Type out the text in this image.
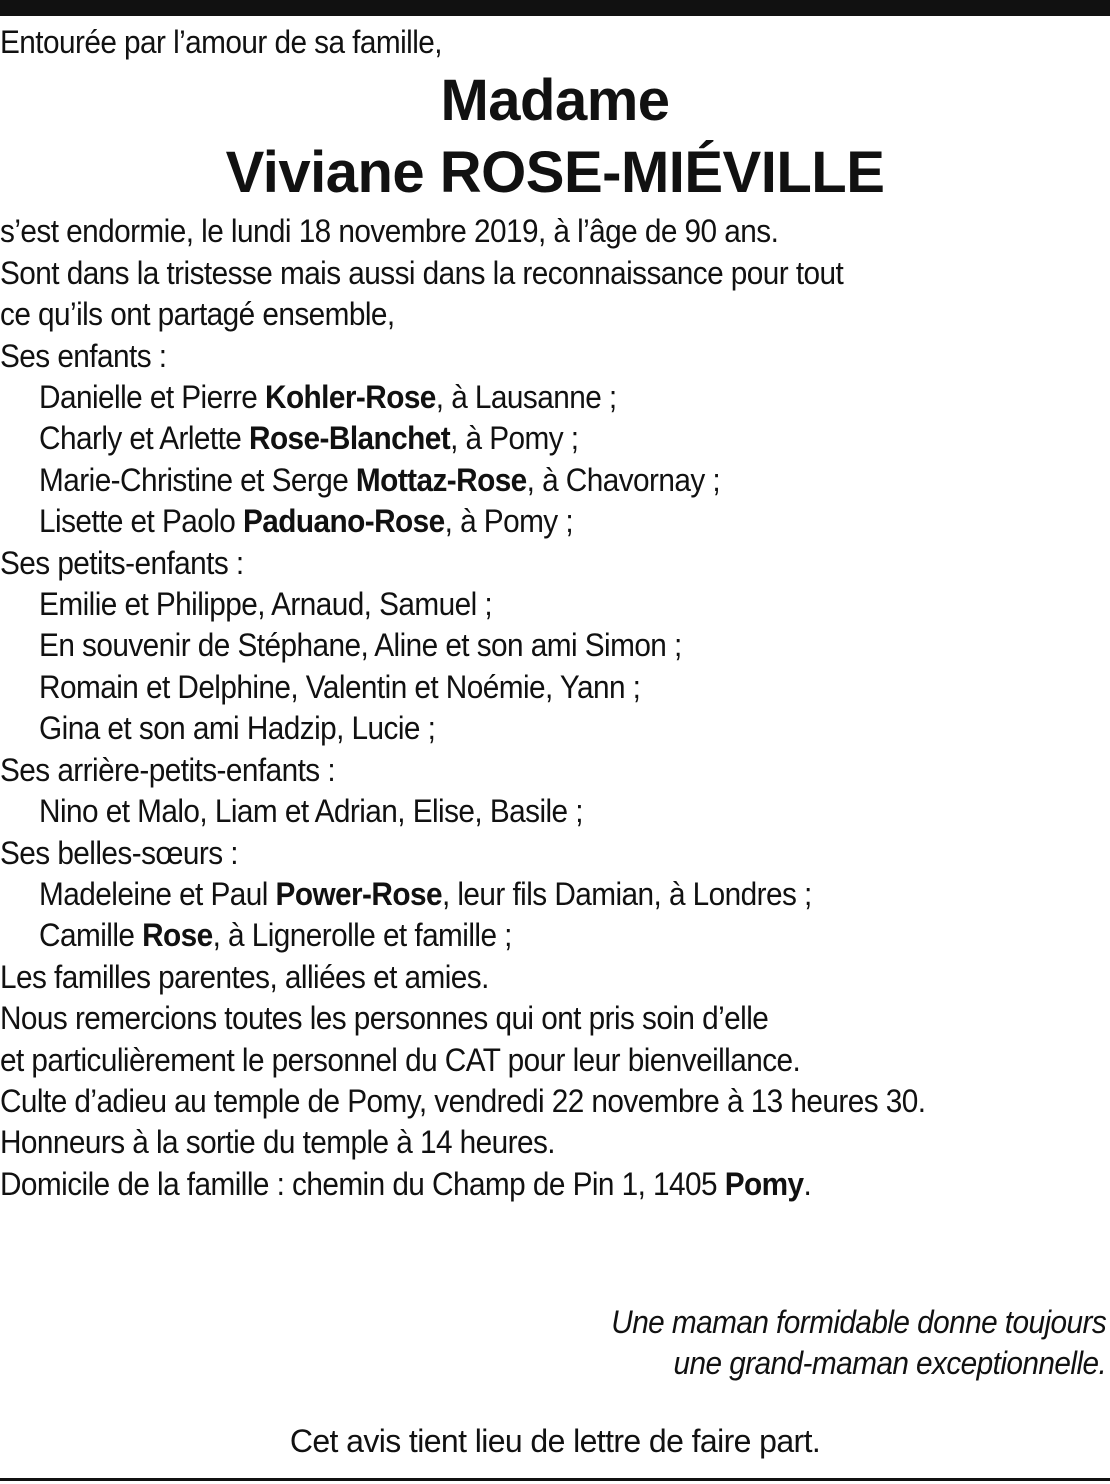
Entourée par l’amour de sa famille,
Madame
Viviane ROSE-MIÉVILLE
s’est endormie, le lundi 18 novembre 2019, à l’âge de 90 ans.
Sont dans la tristesse mais aussi dans la reconnaissance pour tout
ce qu’ils ont partagé ensemble,
Ses enfants :
Danielle et Pierre Kohler-Rose, à Lausanne ;
Charly et Arlette Rose-Blanchet, à Pomy ;
Marie-Christine et Serge Mottaz-Rose, à Chavornay ;
Lisette et Paolo Paduano-Rose, à Pomy ;
Ses petits-enfants :
Emilie et Philippe, Arnaud, Samuel ;
En souvenir de Stéphane, Aline et son ami Simon ;
Romain et Delphine, Valentin et Noémie, Yann ;
Gina et son ami Hadzip, Lucie ;
Ses arrière-petits-enfants :
Nino et Malo, Liam et Adrian, Elise, Basile ;
Ses belles-sœurs :
Madeleine et Paul Power-Rose, leur fils Damian, à Londres ;
Camille Rose, à Lignerolle et famille ;
Les familles parentes, alliées et amies.
Nous remercions toutes les personnes qui ont pris soin d’elle
et particulièrement le personnel du CAT pour leur bienveillance.
Culte d’adieu au temple de Pomy, vendredi 22 novembre à 13 heures 30.
Honneurs à la sortie du temple à 14 heures.
Domicile de la famille : chemin du Champ de Pin 1, 1405 Pomy.
Une maman formidable donne toujours
une grand-maman exceptionnelle.
Cet avis tient lieu de lettre de faire part.
